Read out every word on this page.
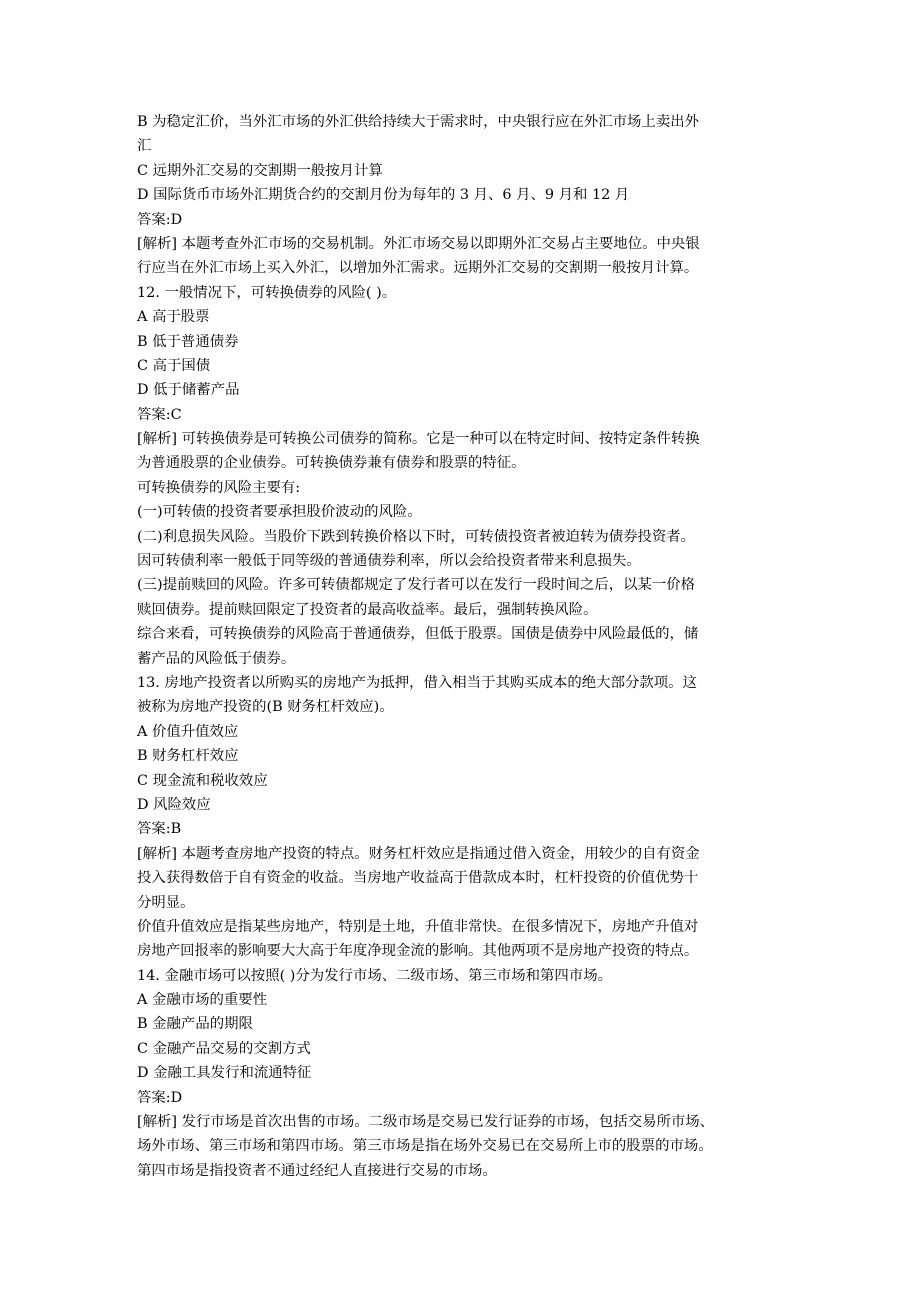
B 为稳定汇价，当外汇市场的外汇供给持续大于需求时，中央银行应在外汇市场上卖出外
汇
C 远期外汇交易的交割期一般按月计算
D 国际货币市场外汇期货合约的交割月份为每年的 3 月、6 月、9 月和 12 月
答案:D
[解析] 本题考查外汇市场的交易机制。外汇市场交易以即期外汇交易占主要地位。中央银
行应当在外汇市场上买入外汇，以增加外汇需求。远期外汇交易的交割期一般按月计算。
12. 一般情况下，可转换债券的风险( )。
A 高于股票
B 低于普通债券
C 高于国债
D 低于储蓄产品
答案:C
[解析] 可转换债券是可转换公司债券的简称。它是一种可以在特定时间、按特定条件转换
为普通股票的企业债券。可转换债券兼有债券和股票的特征。
可转换债券的风险主要有:
(一)可转债的投资者要承担股价波动的风险。
(二)利息损失风险。当股价下跌到转换价格以下时，可转债投资者被迫转为债券投资者。
因可转债利率一般低于同等级的普通债券利率，所以会给投资者带来利息损失。
(三)提前赎回的风险。许多可转债都规定了发行者可以在发行一段时间之后，以某一价格
赎回债券。提前赎回限定了投资者的最高收益率。最后，强制转换风险。
综合来看，可转换债券的风险高于普通债券，但低于股票。国债是债券中风险最低的，储
蓄产品的风险低于债券。
13. 房地产投资者以所购买的房地产为抵押，借入相当于其购买成本的绝大部分款项。这
被称为房地产投资的(B 财务杠杆效应)。
A 价值升值效应
B 财务杠杆效应
C 现金流和税收效应
D 风险效应
答案:B
[解析] 本题考查房地产投资的特点。财务杠杆效应是指通过借入资金，用较少的自有资金
投入获得数倍于自有资金的收益。当房地产收益高于借款成本时，杠杆投资的价值优势十
分明显。
价值升值效应是指某些房地产，特别是土地，升值非常快。在很多情况下，房地产升值对
房地产回报率的影响要大大高于年度净现金流的影响。其他两项不是房地产投资的特点。
14. 金融市场可以按照( )分为发行市场、二级市场、第三市场和第四市场。
A 金融市场的重要性
B 金融产品的期限
C 金融产品交易的交割方式
D 金融工具发行和流通特征
答案:D
[解析] 发行市场是首次出售的市场。二级市场是交易已发行证券的市场，包括交易所市场、
场外市场、第三市场和第四市场。第三市场是指在场外交易已在交易所上市的股票的市场。
第四市场是指投资者不通过经纪人直接进行交易的市场。
